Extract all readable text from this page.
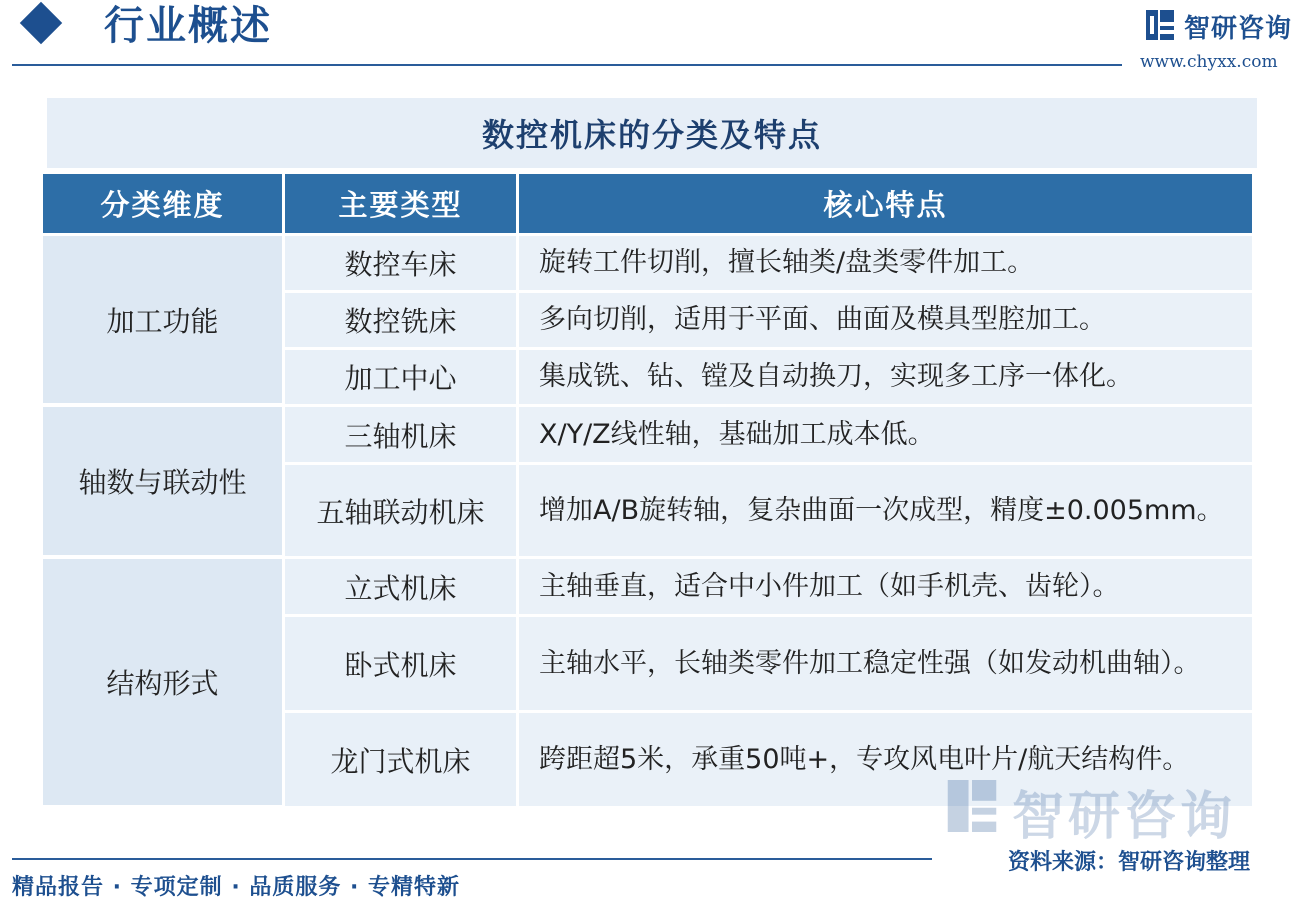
行业概述	智研咨询
www.chyxx.com
数控机床的分类及特点
分类维度	主要类型	核心特点
加工功能
数控车床	旋转工件切削，擅长轴类/盘类零件加工。
数控铣床	多向切削，适用于平面、曲面及模具型腔加工。
加工中心	集成铣、钻、镗及自动换刀，实现多工序一体化。
轴数与联动性
三轴机床	X/Y/Z线性轴，基础加工成本低。
五轴联动机床	增加A/B旋转轴，复杂曲面一次成型，精度±0.005mm。
结构形式
立式机床	主轴垂直，适合中小件加工（如手机壳、齿轮）。
卧式机床	主轴水平，长轴类零件加工稳定性强（如发动机曲轴）。
龙门式机床	跨距超5米，承重50吨+，专攻风电叶片/航天结构件。
智研咨询
精品报告 · 专项定制 · 品质服务 · 专精特新
资料来源：智研咨询整理
